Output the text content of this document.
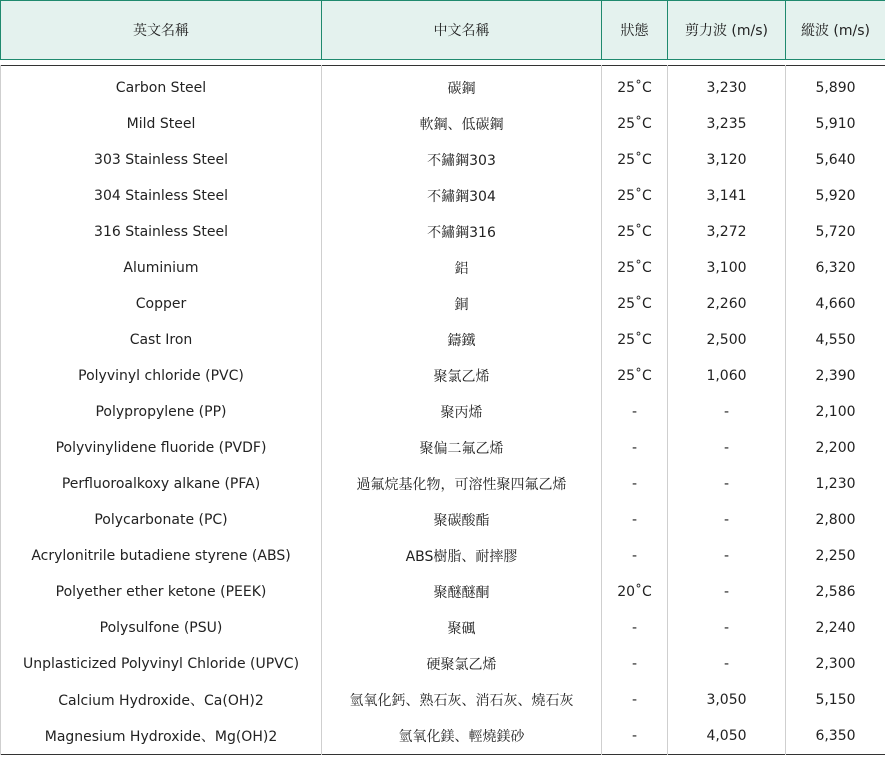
英文名稱	中文名稱	狀態	剪力波 (m/s)	縱波 (m/s)
Carbon Steel	碳鋼	25˚C	3,230	5,890
Mild Steel	軟鋼、低碳鋼	25˚C	3,235	5,910
303 Stainless Steel	不鏽鋼303	25˚C	3,120	5,640
304 Stainless Steel	不鏽鋼304	25˚C	3,141	5,920
316 Stainless Steel	不鏽鋼316	25˚C	3,272	5,720
Aluminium	鋁	25˚C	3,100	6,320
Copper	銅	25˚C	2,260	4,660
Cast Iron	鑄鐵	25˚C	2,500	4,550
Polyvinyl chloride (PVC)	聚氯乙烯	25˚C	1,060	2,390
Polypropylene (PP)	聚丙烯	-	-	2,100
Polyvinylidene fluoride (PVDF)	聚偏二氟乙烯	-	-	2,200
Perfluoroalkoxy alkane (PFA)	過氟烷基化物，可溶性聚四氟乙烯	-	-	1,230
Polycarbonate (PC)	聚碳酸酯	-	-	2,800
Acrylonitrile butadiene styrene (ABS)	ABS樹脂、耐摔膠	-	-	2,250
Polyether ether ketone (PEEK)	聚醚醚酮	20˚C	-	2,586
Polysulfone (PSU)	聚碸	-	-	2,240
Unplasticized Polyvinyl Chloride (UPVC)	硬聚氯乙烯	-	-	2,300
Calcium Hydroxide、Ca(OH)2	氫氧化鈣、熟石灰、消石灰、燒石灰	-	3,050	5,150
Magnesium Hydroxide、Mg(OH)2	氫氧化鎂、輕燒鎂砂	-	4,050	6,350
